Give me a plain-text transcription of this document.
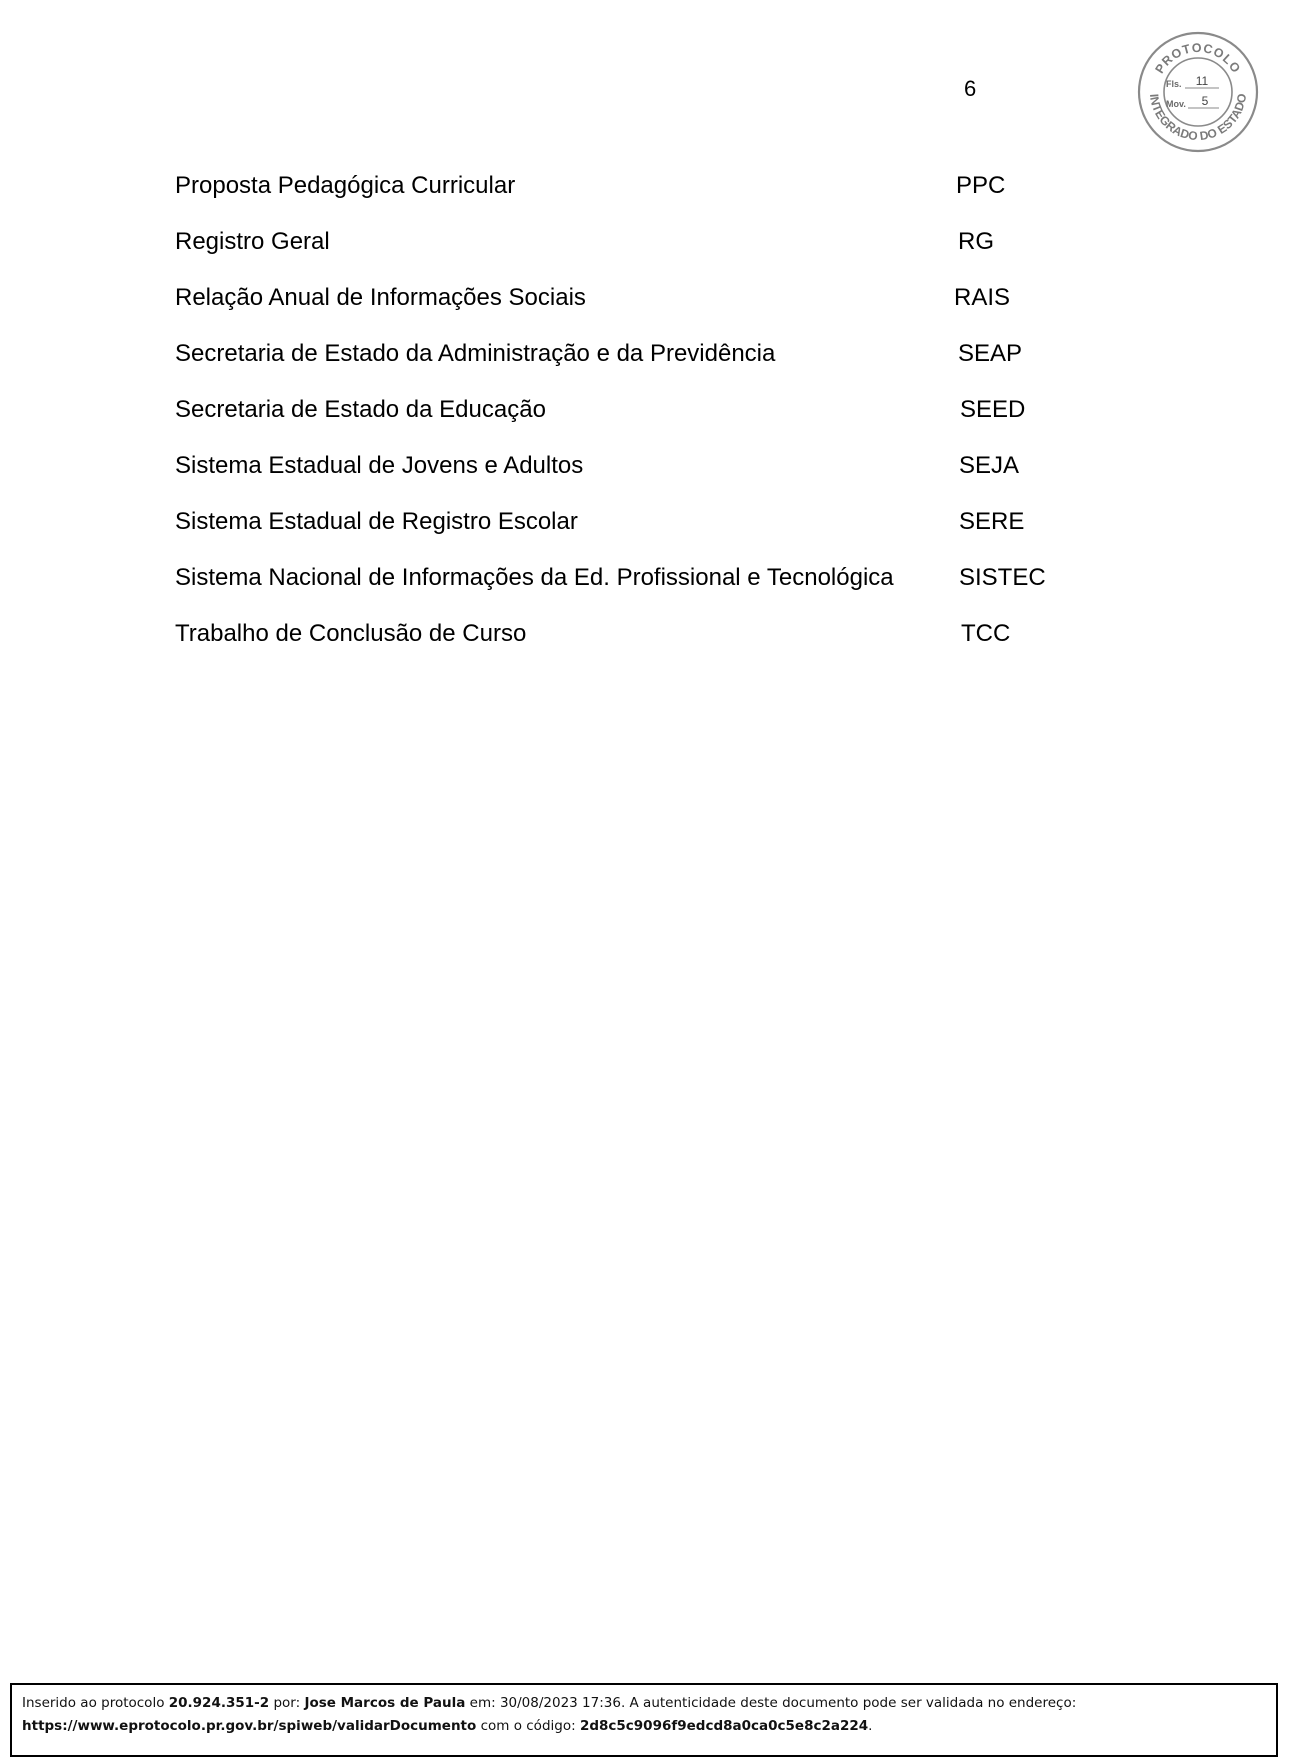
6
PROTOCOLO
INTEGRADO DO ESTADO
Fls. 11
Mov. 5
Proposta Pedagógica Curricular	PPC
Registro Geral	RG
Relação Anual de Informações Sociais	RAIS
Secretaria de Estado da Administração e da Previdência	SEAP
Secretaria de Estado da Educação	SEED
Sistema Estadual de Jovens e Adultos	SEJA
Sistema Estadual de Registro Escolar	SERE
Sistema Nacional de Informações da Ed. Profissional e Tecnológica	SISTEC
Trabalho de Conclusão de Curso	TCC
Inserido ao protocolo 20.924.351-2 por: Jose Marcos de Paula em: 30/08/2023 17:36. A autenticidade deste documento pode ser validada no endereço:
https://www.eprotocolo.pr.gov.br/spiweb/validarDocumento com o código: 2d8c5c9096f9edcd8a0ca0c5e8c2a224.
